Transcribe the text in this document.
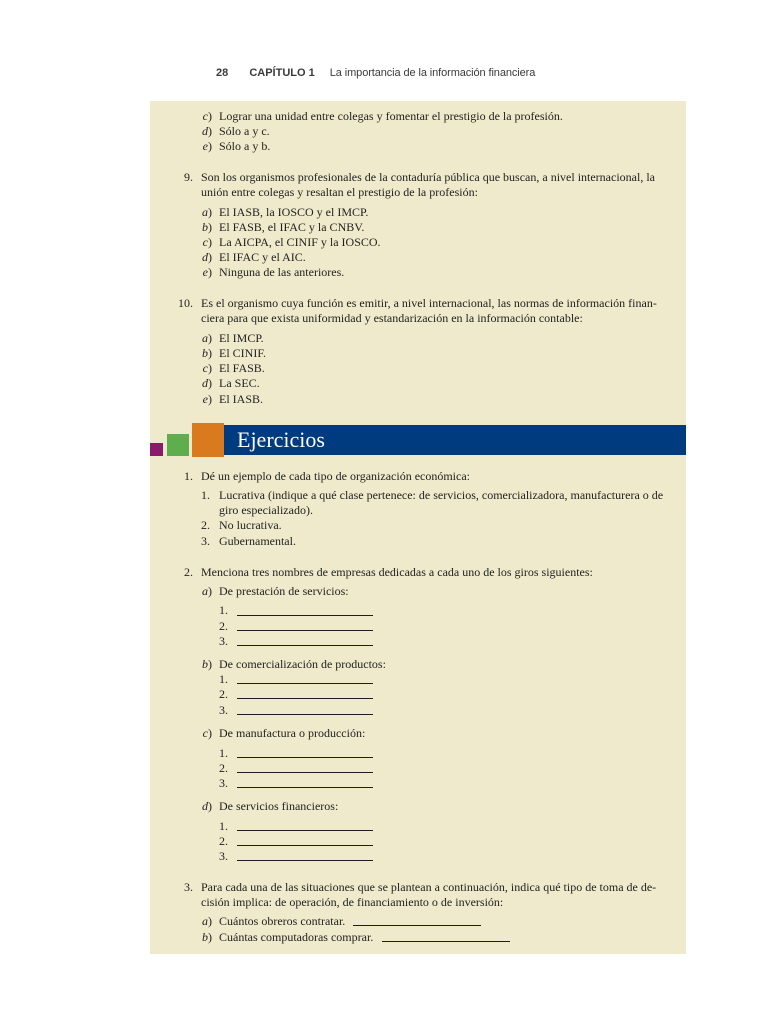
28 CAPÍTULO 1 La importancia de la información financiera
c ) Lograr una unidad entre colegas y fomentar el prestigio de la profesión.
d ) Sólo a y c.
e ) Sólo a y b.
9. Son los organismos profesionales de la contaduría pública que buscan, a nivel internacional, la
unión entre colegas y resaltan el prestigio de la profesión:
a ) El IASB, la IOSCO y el IMCP.
b ) El FASB, el IFAC y la CNBV.
c ) La AICPA, el CINIF y la IOSCO.
d ) El IFAC y el AIC.
e ) Ninguna de las anteriores.
10. Es el organismo cuya función es emitir, a nivel internacional, las normas de información finan-
ciera para que exista uniformidad y estandarización en la información contable:
a ) El IMCP.
b ) El CINIF.
c ) El FASB.
d ) La SEC.
e ) El IASB.
Ejercicios
1. Dé un ejemplo de cada tipo de organización económica:
1. Lucrativa (indique a qué clase pertenece: de servicios, comercializadora, manufacturera o de
giro especializado).
2. No lucrativa.
3. Gubernamental.
2. Menciona tres nombres de empresas dedicadas a cada uno de los giros siguientes:
a ) De prestación de servicios:
1.
2.
3.
b ) De comercialización de productos:
1.
2.
3.
c ) De manufactura o producción:
1.
2.
3.
d ) De servicios financieros:
1.
2.
3.
3. Para cada una de las situaciones que se plantean a continuación, indica qué tipo de toma de de-
cisión implica: de operación, de financiamiento o de inversión:
a ) Cuántos obreros contratar.
b ) Cuántas computadoras comprar.
